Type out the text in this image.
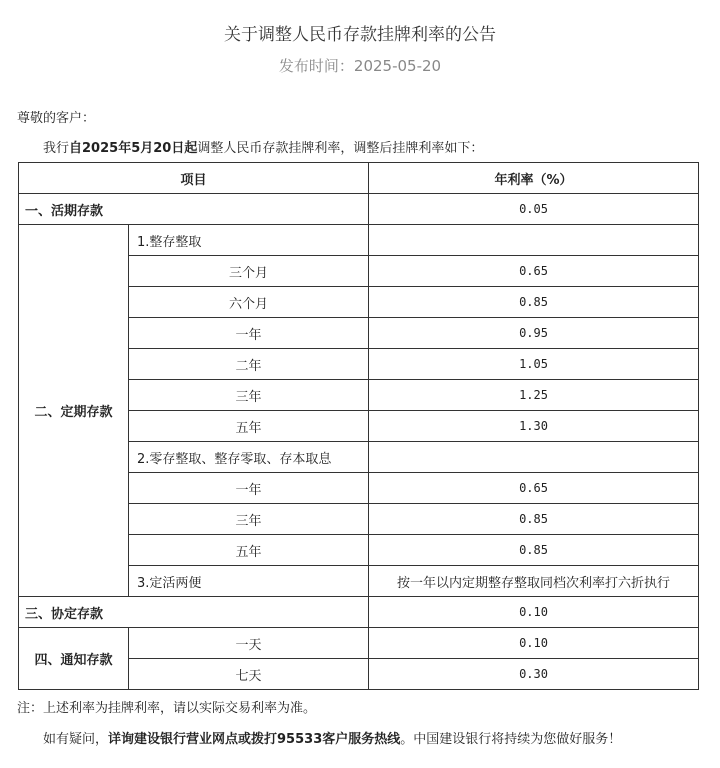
关于调整人民币存款挂牌利率的公告
发布时间：2025-05-20
尊敬的客户：
我行自2025年5月20日起调整人民币存款挂牌利率，调整后挂牌利率如下：
项目		年利率（%）
一、活期存款		0.05
二、定期存款	1.整存整取	
	三个月	0.65
	六个月	0.85
	一年	0.95
	二年	1.05
	三年	1.25
	五年	1.30
	2.零存整取、整存零取、存本取息	
	一年	0.65
	三年	0.85
	五年	0.85
	3.定活两便	按一年以内定期整存整取同档次利率打六折执行
三、协定存款		0.10
四、通知存款	一天	0.10
	七天	0.30
注：上述利率为挂牌利率，请以实际交易利率为准。
如有疑问，详询建设银行营业网点或拨打95533客户服务热线。中国建设银行将持续为您做好服务！
